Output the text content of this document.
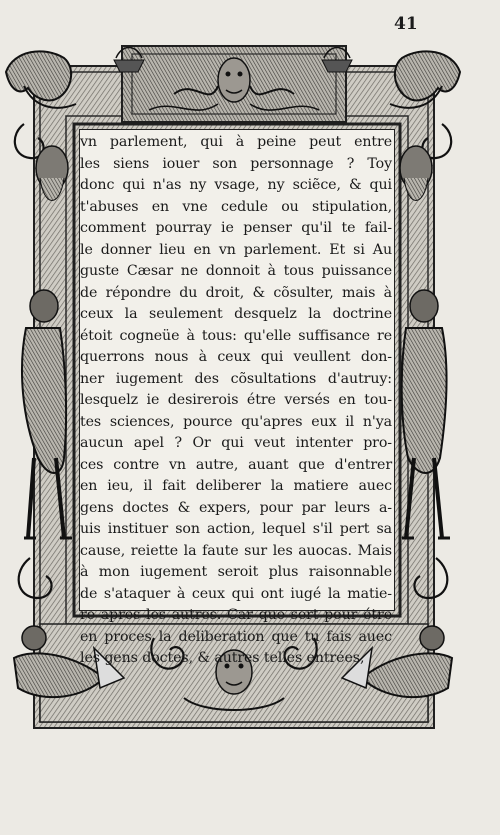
41
vn parlement, qui à peine peut entre
les siens iouer son personnage ? Toy
donc qui n'as ny vsage, ny sciẽce, & qui
t'abuses en vne cedule ou stipulation,
comment pourray ie penser qu'il te fail-
le donner lieu en vn parlement. Et si Au
guste Cæsar ne donnoit à tous puissance
de répondre du droit, & cõsulter, mais à
ceux la seulement desquelz la doctrine
étoit cogneüe à tous: qu'elle suffisance re
querrons nous à ceux qui veullent don-
ner iugement des cõsultations d'autruy:
lesquelz ie desirerois étre versés en tou-
tes sciences, pource qu'apres eux il n'ya
aucun apel ? Or qui veut intenter pro-
ces contre vn autre, auant que d'entrer
en ieu, il fait deliberer la matiere auec
gens doctes & expers, pour par leurs a-
uis instituer son action, lequel s'il pert sa
cause, reiette la faute sur les auocas. Mais
à mon iugement seroit plus raisonnable
de s'ataquer à ceux qui ont iugé la matie-
re apres les autres. Car que sert pour étre
en proces la deliberation que tu fais auec
les gens doctes, & autres telles entrées,
